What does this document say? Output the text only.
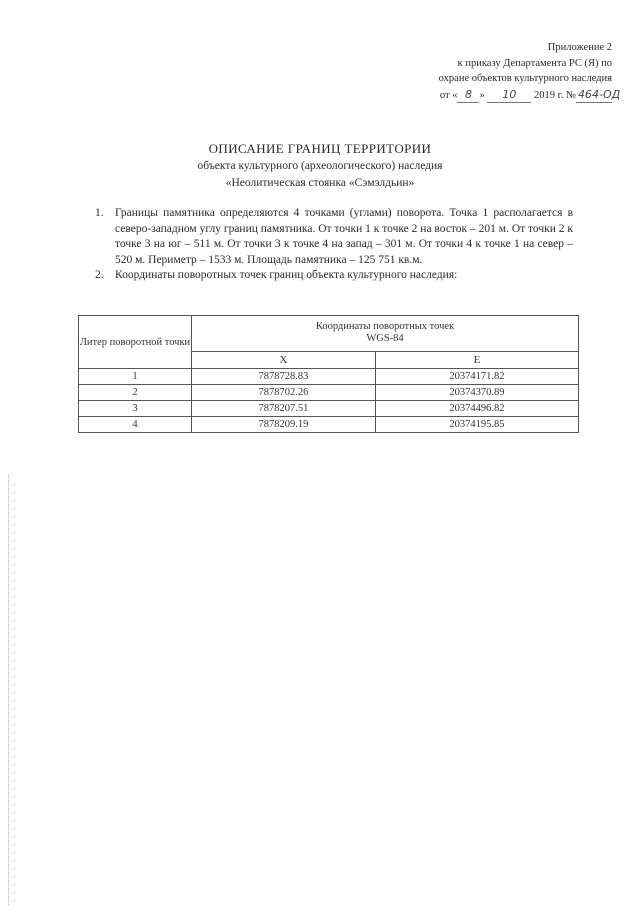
Приложение 2
к приказу Департамента РС (Я) по
охране объектов культурного наследия
от « 8 » 10 2019 г. № 464-ОД
ОПИСАНИЕ ГРАНИЦ ТЕРРИТОРИИ
объекта культурного (археологического) наследия
«Неолитическая стоянка «Сэмэлдьин»
1. Границы памятника определяются 4 точками (углами) поворота. Точка 1 располагается в северо-западном углу границ памятника. От точки 1 к точке 2 на восток – 201 м. От точки 2 к точке 3 на юг – 511 м. От точки 3 к точке 4 на запад – 301 м. От точки 4 к точке 1 на север – 520 м. Периметр – 1533 м. Площадь памятника – 125 751 кв.м.
2. Координаты поворотных точек границ объекта культурного наследия:
Литер поворотной точки	Координаты поворотных точек
WGS-84	

	X	E
1	7878728.83	20374171.82
2	7878702.26	20374370.89
3	7878207.51	20374496.82
4	7878209.19	20374195.85
